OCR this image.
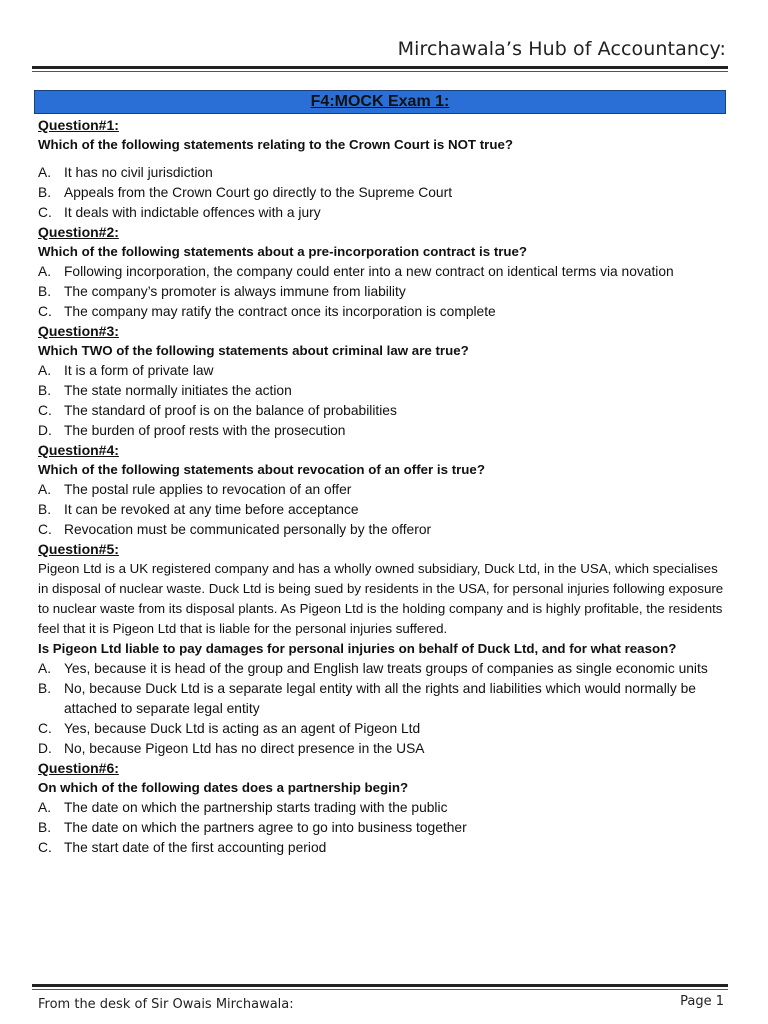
Mirchawala’s Hub of Accountancy:
F4:MOCK Exam 1:
Question#1:
Which of the following statements relating to the Crown Court is NOT true?
A. It has no civil jurisdiction
B. Appeals from the Crown Court go directly to the Supreme Court
C. It deals with indictable offences with a jury
Question#2:
Which of the following statements about a pre-incorporation contract is true?
A. Following incorporation, the company could enter into a new contract on identical terms via novation
B. The company’s promoter is always immune from liability
C. The company may ratify the contract once its incorporation is complete
Question#3:
Which TWO of the following statements about criminal law are true?
A. It is a form of private law
B. The state normally initiates the action
C. The standard of proof is on the balance of probabilities
D. The burden of proof rests with the prosecution
Question#4:
Which of the following statements about revocation of an offer is true?
A. The postal rule applies to revocation of an offer
B. It can be revoked at any time before acceptance
C. Revocation must be communicated personally by the offeror
Question#5:
Pigeon Ltd is a UK registered company and has a wholly owned subsidiary, Duck Ltd, in the USA, which specialises in disposal of nuclear waste. Duck Ltd is being sued by residents in the USA, for personal injuries following exposure to nuclear waste from its disposal plants. As Pigeon Ltd is the holding company and is highly profitable, the residents feel that it is Pigeon Ltd that is liable for the personal injuries suffered.
Is Pigeon Ltd liable to pay damages for personal injuries on behalf of Duck Ltd, and for what reason?
A. Yes, because it is head of the group and English law treats groups of companies as single economic units
B. No, because Duck Ltd is a separate legal entity with all the rights and liabilities which would normally be attached to separate legal entity
C. Yes, because Duck Ltd is acting as an agent of Pigeon Ltd
D. No, because Pigeon Ltd has no direct presence in the USA
Question#6:
On which of the following dates does a partnership begin?
A. The date on which the partnership starts trading with the public
B. The date on which the partners agree to go into business together
C. The start date of the first accounting period
From the desk of Sir Owais Mirchawala:	Page 1
